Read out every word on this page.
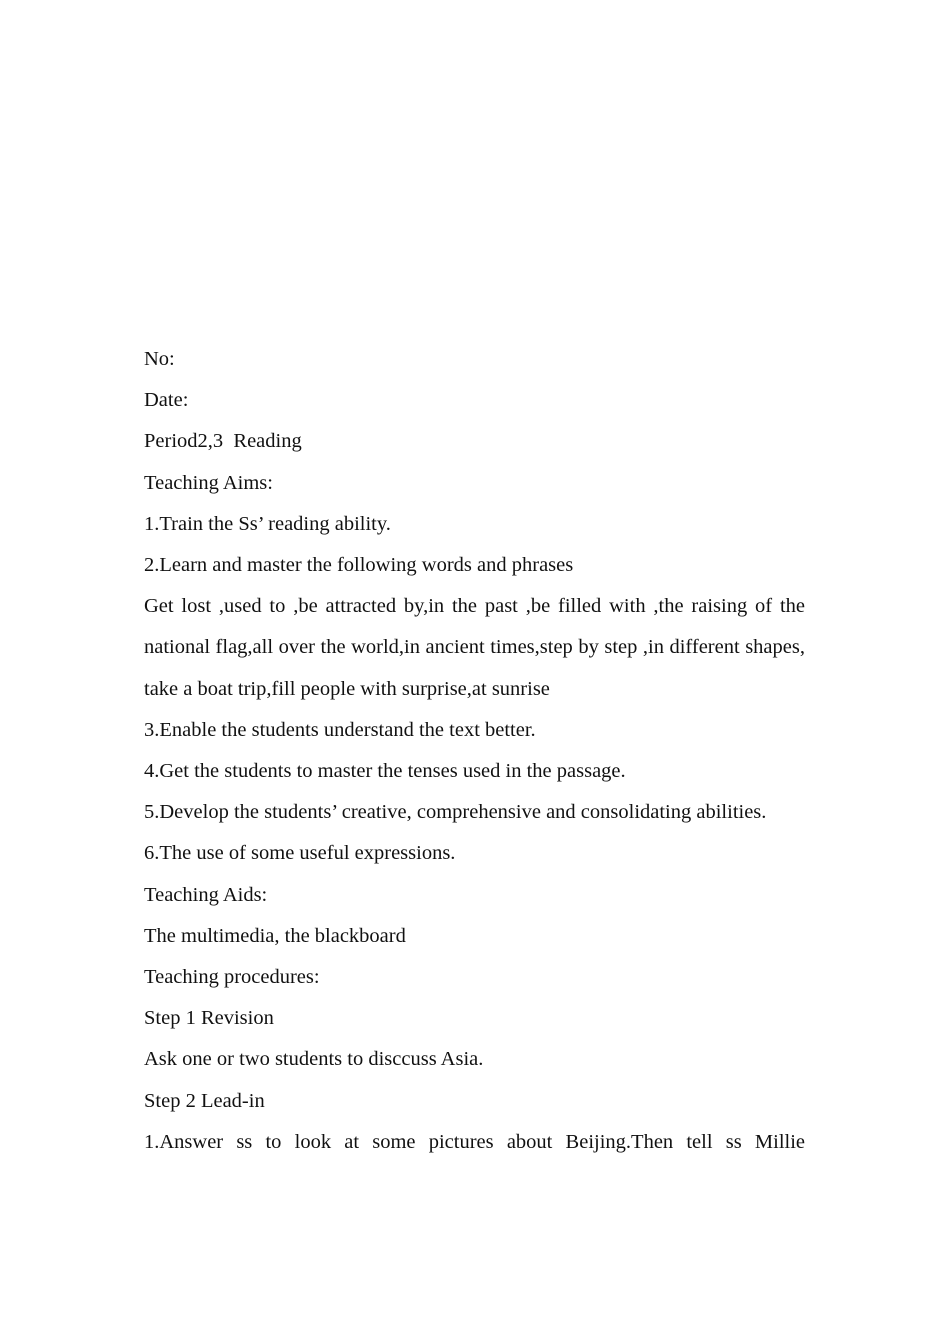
No:

Date:

Period2,3  Reading

Teaching Aims:

1.Train the Ss’ reading ability.

2.Learn and master the following words and phrases

Get lost ,used to ,be attracted by,in the past ,be filled with ,the raising of the national flag,all over the world,in ancient times,step by step ,in different shapes, take a boat trip,fill people with surprise,at sunrise

3.Enable the students understand the text better.

4.Get the students to master the tenses used in the passage.

5.Develop the students’ creative, comprehensive and consolidating abilities.

6.The use of some useful expressions.

Teaching Aids:

The multimedia, the blackboard

Teaching procedures:

Step 1 Revision

Ask one or two students to disccuss Asia.

Step 2 Lead-in

1.Answer ss to look at some pictures about Beijing.Then tell ss Millie
